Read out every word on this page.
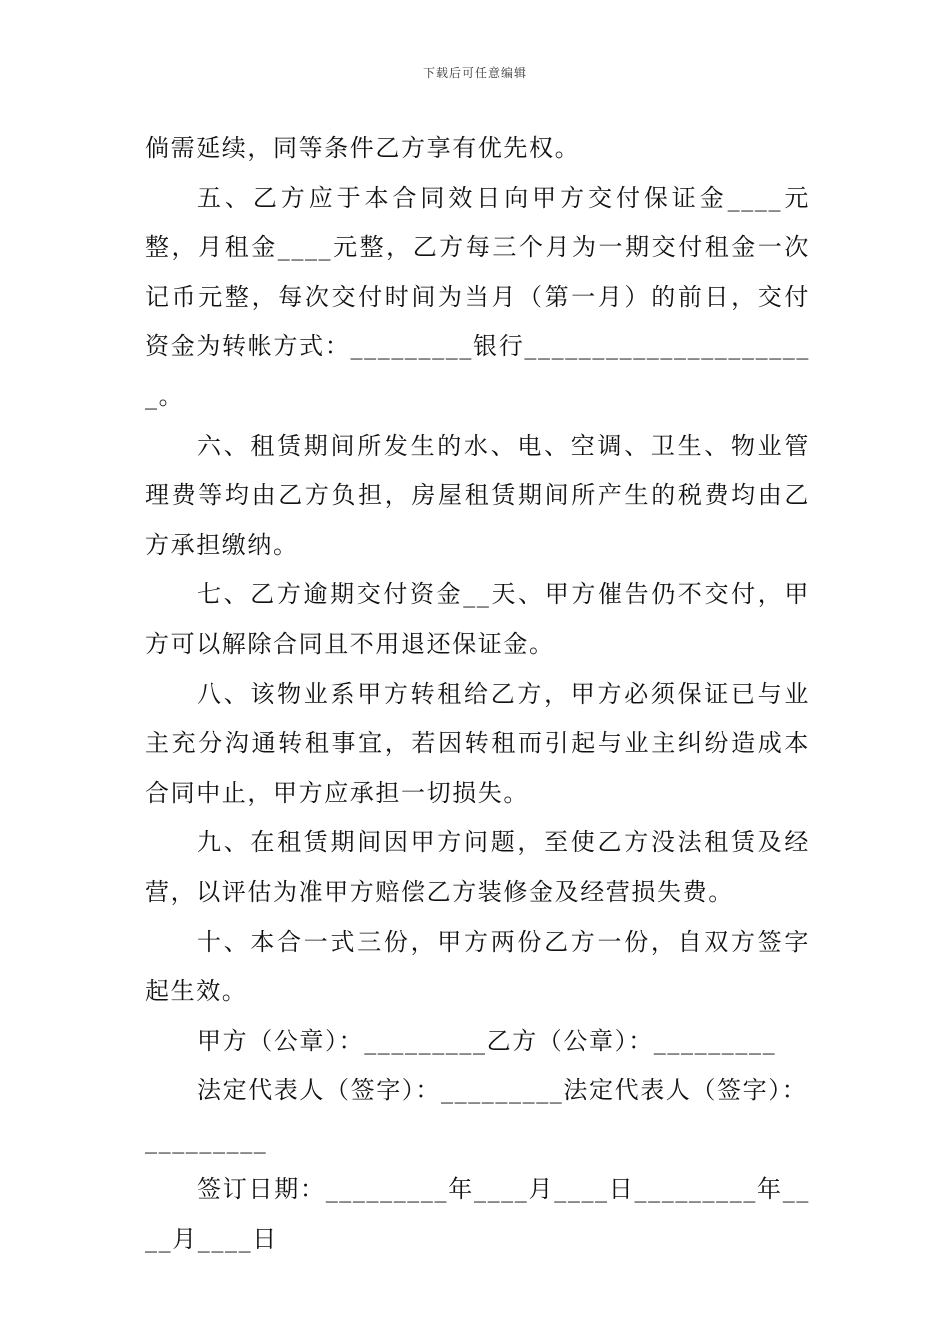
下载后可任意编辑

倘需延续，同等条件乙方享有优先权。

五、乙方应于本合同效日向甲方交付保证金____元整，月租金____元整，乙方每三个月为一期交付租金一次记币元整，每次交付时间为当月（第一月）的前日，交付资金为转帐方式：_________银行______________________。

六、租赁期间所发生的水、电、空调、卫生、物业管理费等均由乙方负担，房屋租赁期间所产生的税费均由乙方承担缴纳。

七、乙方逾期交付资金__天、甲方催告仍不交付，甲方可以解除合同且不用退还保证金。

八、该物业系甲方转租给乙方，甲方必须保证已与业主充分沟通转租事宜，若因转租而引起与业主纠纷造成本合同中止，甲方应承担一切损失。

九、在租赁期间因甲方问题，至使乙方没法租赁及经营，以评估为准甲方赔偿乙方装修金及经营损失费。

十、本合一式三份，甲方两份乙方一份，自双方签字起生效。

甲方（公章）：_________乙方（公章）：_________

法定代表人（签字）：_________法定代表人（签字）：

_________

签订日期：_________年____月____日_________年____月____日
